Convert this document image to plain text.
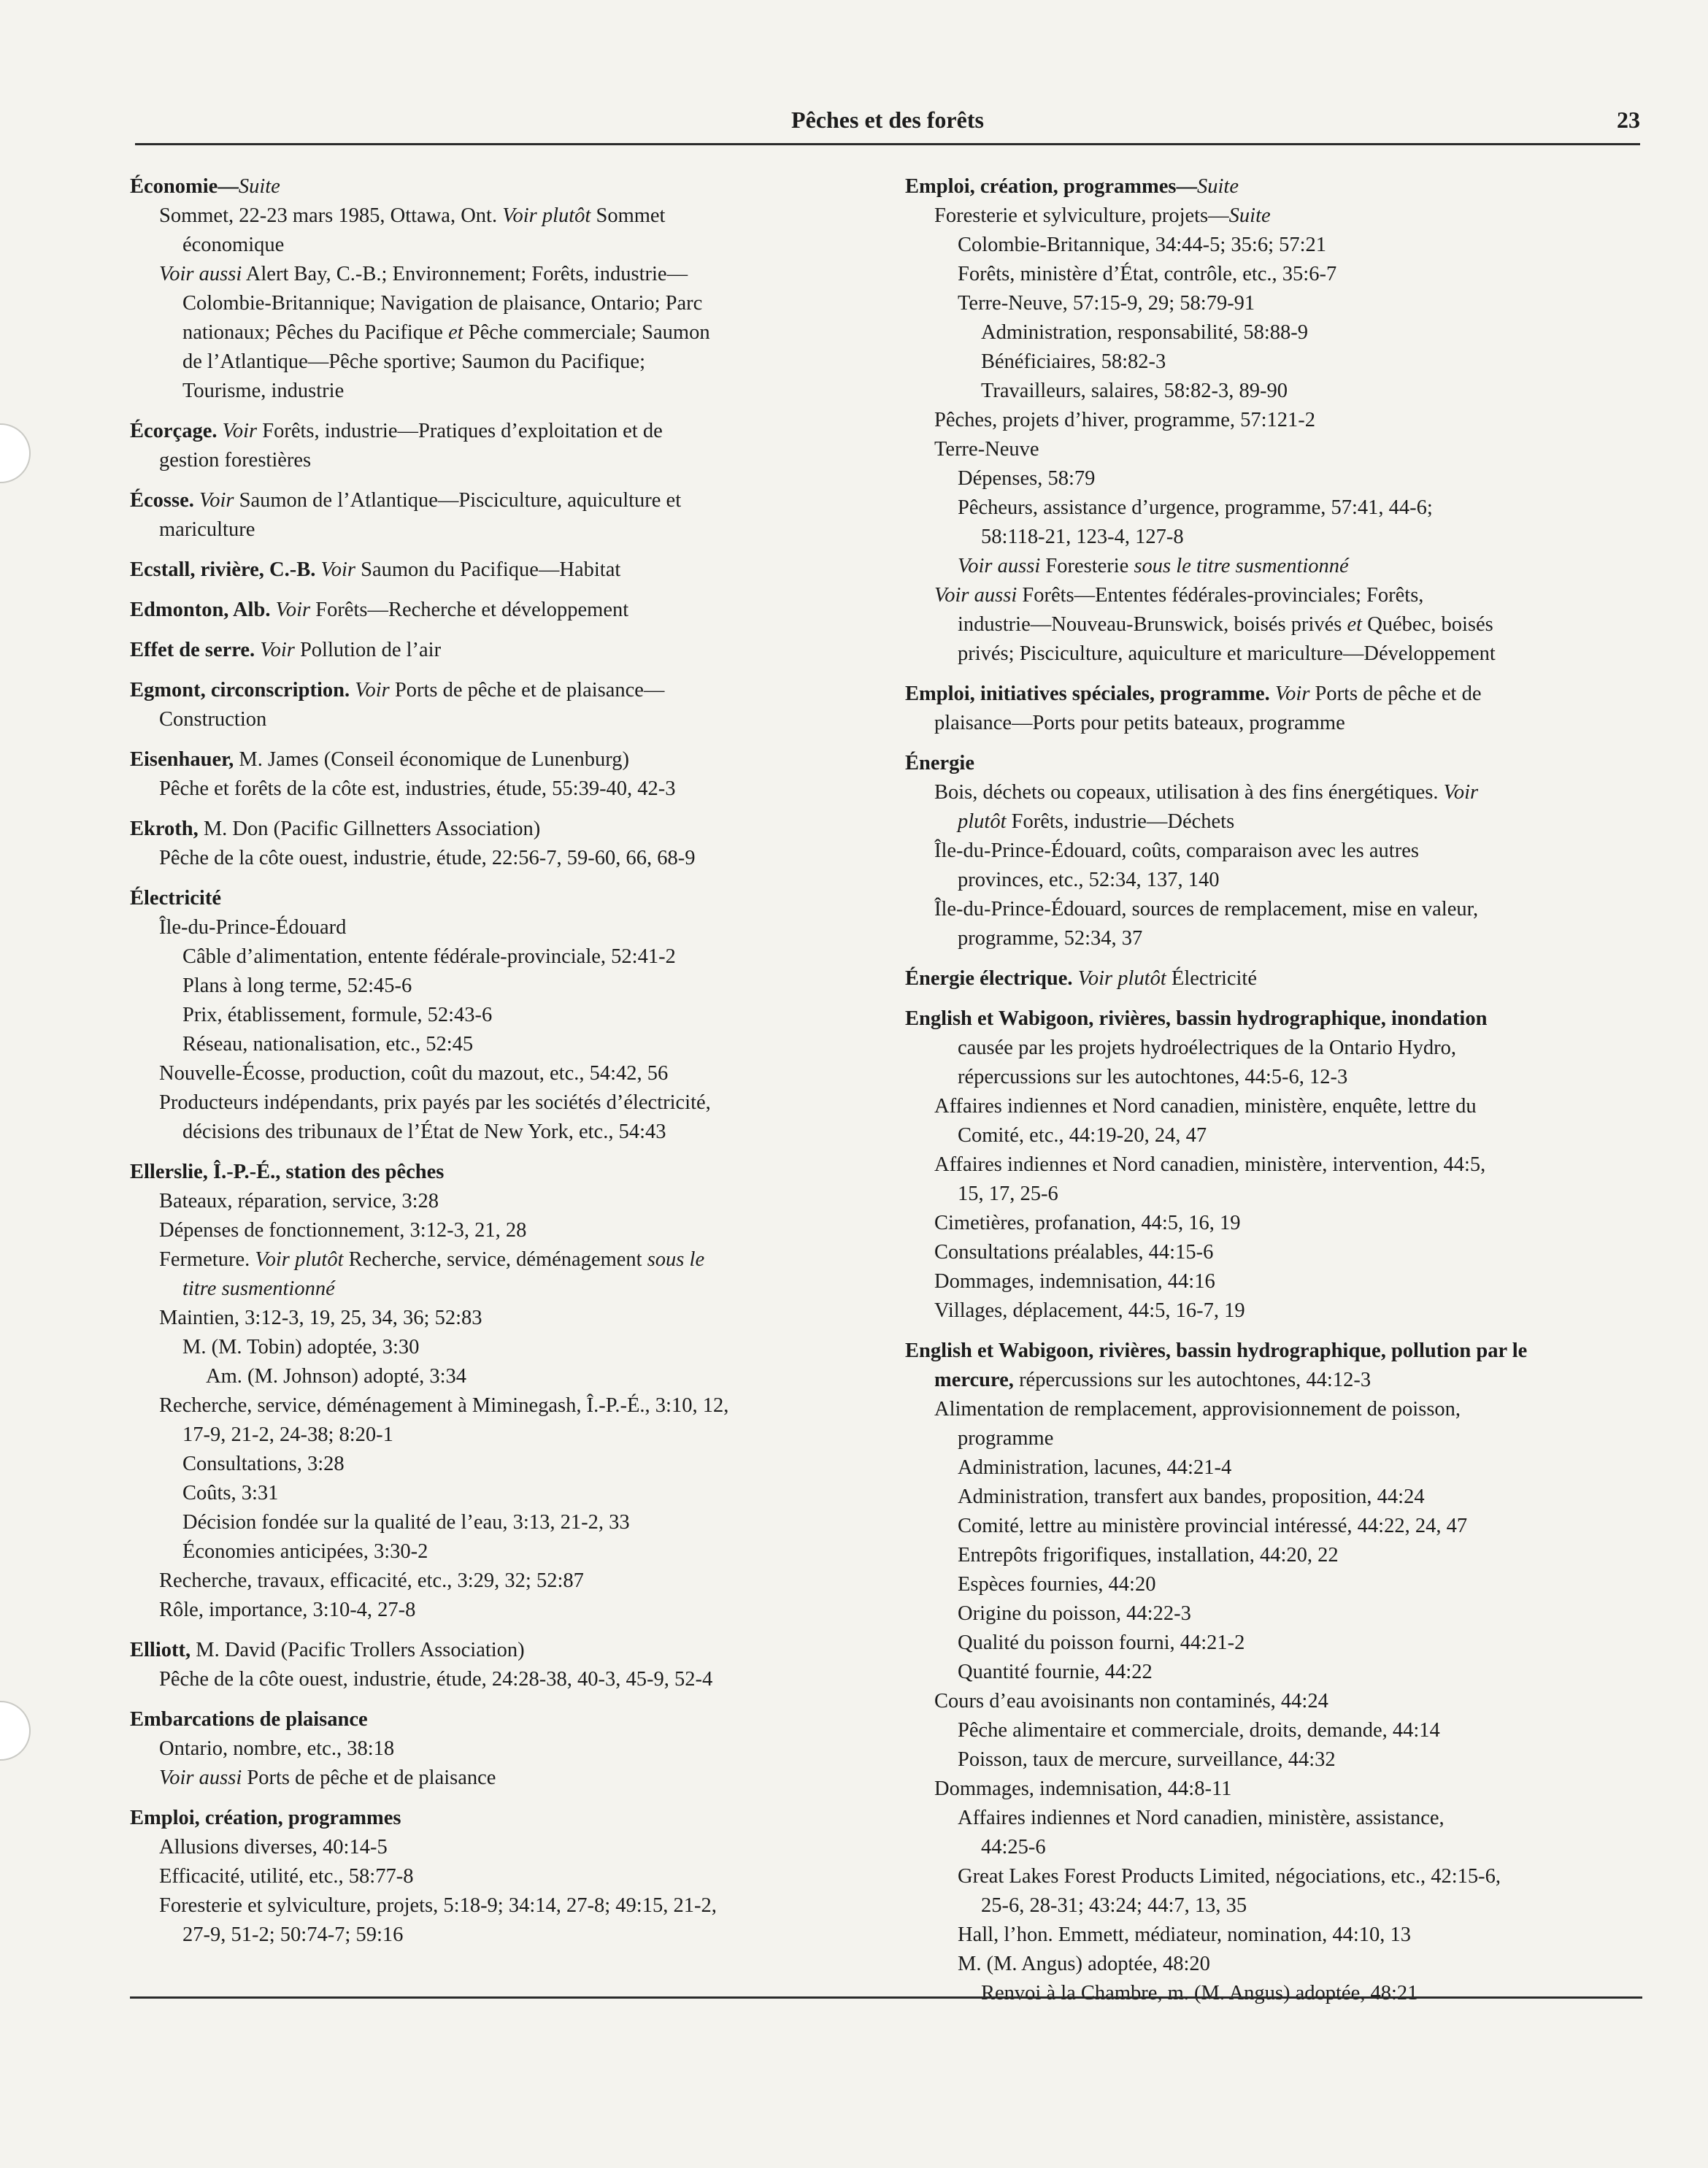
Pêches et des forêts	23
Économie—Suite
Sommet, 22-23 mars 1985, Ottawa, Ont. Voir plutôt Sommet
économique
Voir aussi Alert Bay, C.-B.; Environnement; Forêts, industrie—
Colombie-Britannique; Navigation de plaisance, Ontario; Parc
nationaux; Pêches du Pacifique et Pêche commerciale; Saumon
de l’Atlantique—Pêche sportive; Saumon du Pacifique;
Tourisme, industrie
Écorçage. Voir Forêts, industrie—Pratiques d’exploitation et de
gestion forestières
Écosse. Voir Saumon de l’Atlantique—Pisciculture, aquiculture et
mariculture
Ecstall, rivière, C.-B. Voir Saumon du Pacifique—Habitat
Edmonton, Alb. Voir Forêts—Recherche et développement
Effet de serre. Voir Pollution de l’air
Egmont, circonscription. Voir Ports de pêche et de plaisance—
Construction
Eisenhauer, M. James (Conseil économique de Lunenburg)
Pêche et forêts de la côte est, industries, étude, 55:39-40, 42-3
Ekroth, M. Don (Pacific Gillnetters Association)
Pêche de la côte ouest, industrie, étude, 22:56-7, 59-60, 66, 68-9
Électricité
Île-du-Prince-Édouard
Câble d’alimentation, entente fédérale-provinciale, 52:41-2
Plans à long terme, 52:45-6
Prix, établissement, formule, 52:43-6
Réseau, nationalisation, etc., 52:45
Nouvelle-Écosse, production, coût du mazout, etc., 54:42, 56
Producteurs indépendants, prix payés par les sociétés d’électricité,
décisions des tribunaux de l’État de New York, etc., 54:43
Ellerslie, Î.-P.-É., station des pêches
Bateaux, réparation, service, 3:28
Dépenses de fonctionnement, 3:12-3, 21, 28
Fermeture. Voir plutôt Recherche, service, déménagement sous le
titre susmentionné
Maintien, 3:12-3, 19, 25, 34, 36; 52:83
M. (M. Tobin) adoptée, 3:30
Am. (M. Johnson) adopté, 3:34
Recherche, service, déménagement à Miminegash, Î.-P.-É., 3:10, 12,
17-9, 21-2, 24-38; 8:20-1
Consultations, 3:28
Coûts, 3:31
Décision fondée sur la qualité de l’eau, 3:13, 21-2, 33
Économies anticipées, 3:30-2
Recherche, travaux, efficacité, etc., 3:29, 32; 52:87
Rôle, importance, 3:10-4, 27-8
Elliott, M. David (Pacific Trollers Association)
Pêche de la côte ouest, industrie, étude, 24:28-38, 40-3, 45-9, 52-4
Embarcations de plaisance
Ontario, nombre, etc., 38:18
Voir aussi Ports de pêche et de plaisance
Emploi, création, programmes
Allusions diverses, 40:14-5
Efficacité, utilité, etc., 58:77-8
Foresterie et sylviculture, projets, 5:18-9; 34:14, 27-8; 49:15, 21-2,
27-9, 51-2; 50:74-7; 59:16
Emploi, création, programmes—Suite
Foresterie et sylviculture, projets—Suite
Colombie-Britannique, 34:44-5; 35:6; 57:21
Forêts, ministère d’État, contrôle, etc., 35:6-7
Terre-Neuve, 57:15-9, 29; 58:79-91
Administration, responsabilité, 58:88-9
Bénéficiaires, 58:82-3
Travailleurs, salaires, 58:82-3, 89-90
Pêches, projets d’hiver, programme, 57:121-2
Terre-Neuve
Dépenses, 58:79
Pêcheurs, assistance d’urgence, programme, 57:41, 44-6;
58:118-21, 123-4, 127-8
Voir aussi Foresterie sous le titre susmentionné
Voir aussi Forêts—Ententes fédérales-provinciales; Forêts,
industrie—Nouveau-Brunswick, boisés privés et Québec, boisés
privés; Pisciculture, aquiculture et mariculture—Développement
Emploi, initiatives spéciales, programme. Voir Ports de pêche et de
plaisance—Ports pour petits bateaux, programme
Énergie
Bois, déchets ou copeaux, utilisation à des fins énergétiques. Voir
plutôt Forêts, industrie—Déchets
Île-du-Prince-Édouard, coûts, comparaison avec les autres
provinces, etc., 52:34, 137, 140
Île-du-Prince-Édouard, sources de remplacement, mise en valeur,
programme, 52:34, 37
Énergie électrique. Voir plutôt Électricité
English et Wabigoon, rivières, bassin hydrographique, inondation
causée par les projets hydroélectriques de la Ontario Hydro,
répercussions sur les autochtones, 44:5-6, 12-3
Affaires indiennes et Nord canadien, ministère, enquête, lettre du
Comité, etc., 44:19-20, 24, 47
Affaires indiennes et Nord canadien, ministère, intervention, 44:5,
15, 17, 25-6
Cimetières, profanation, 44:5, 16, 19
Consultations préalables, 44:15-6
Dommages, indemnisation, 44:16
Villages, déplacement, 44:5, 16-7, 19
English et Wabigoon, rivières, bassin hydrographique, pollution par le
mercure, répercussions sur les autochtones, 44:12-3
Alimentation de remplacement, approvisionnement de poisson,
programme
Administration, lacunes, 44:21-4
Administration, transfert aux bandes, proposition, 44:24
Comité, lettre au ministère provincial intéressé, 44:22, 24, 47
Entrepôts frigorifiques, installation, 44:20, 22
Espèces fournies, 44:20
Origine du poisson, 44:22-3
Qualité du poisson fourni, 44:21-2
Quantité fournie, 44:22
Cours d’eau avoisinants non contaminés, 44:24
Pêche alimentaire et commerciale, droits, demande, 44:14
Poisson, taux de mercure, surveillance, 44:32
Dommages, indemnisation, 44:8-11
Affaires indiennes et Nord canadien, ministère, assistance,
44:25-6
Great Lakes Forest Products Limited, négociations, etc., 42:15-6,
25-6, 28-31; 43:24; 44:7, 13, 35
Hall, l’hon. Emmett, médiateur, nomination, 44:10, 13
M. (M. Angus) adoptée, 48:20
Renvoi à la Chambre, m. (M. Angus) adoptée, 48:21
